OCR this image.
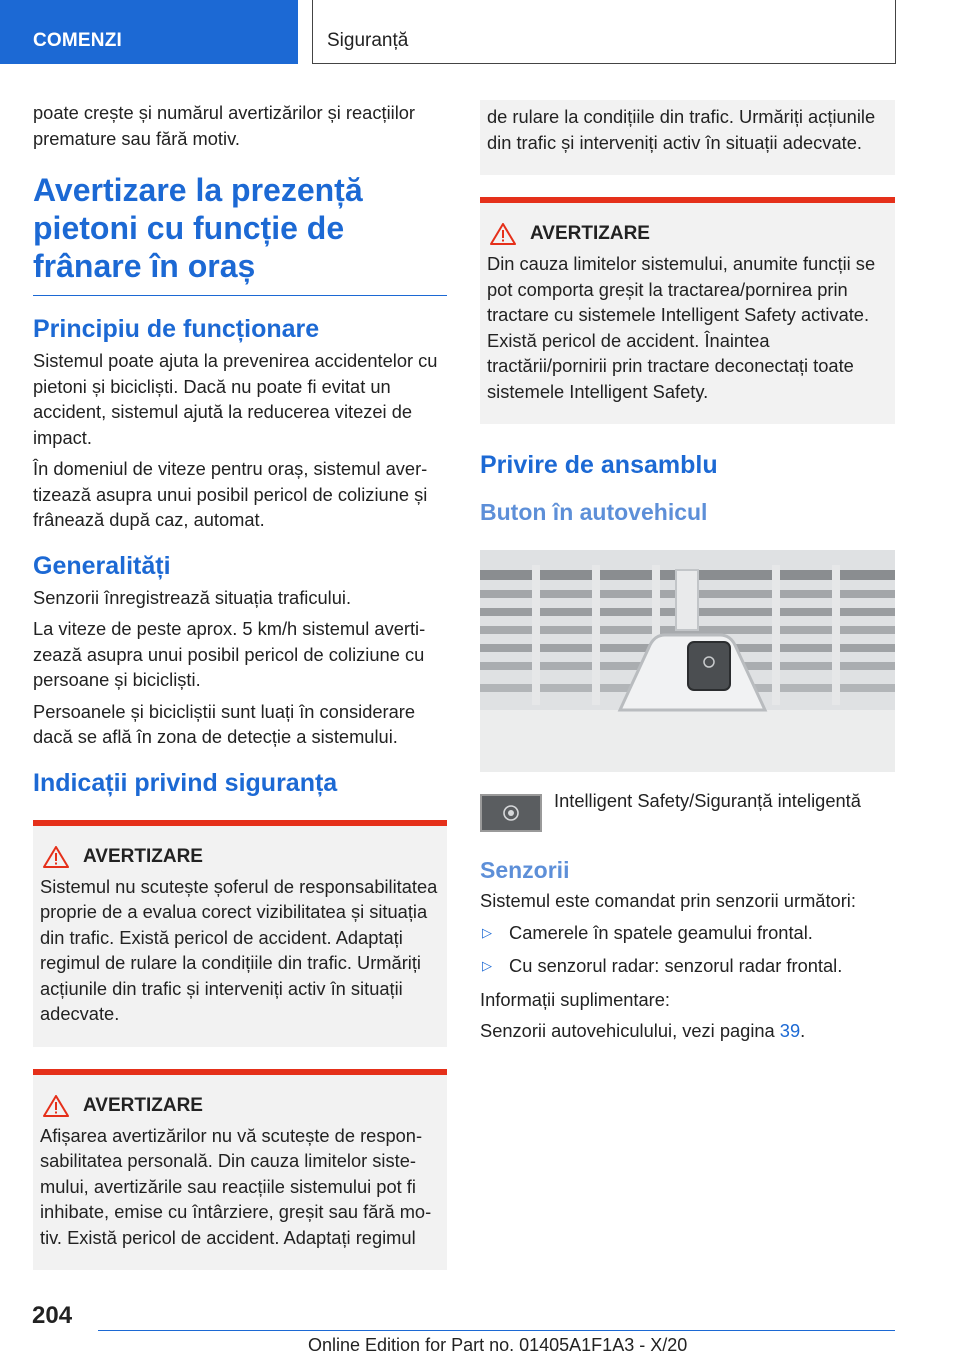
COMENZI	Siguranță

poate crește și numărul avertizărilor și reacțiilor premature sau fără motiv.

Avertizare la prezență pietoni cu funcție de frânare în oraș
Principiu de funcționare

Sistemul poate ajuta la prevenirea accidentelor cu pietoni și bicicliști. Dacă nu poate fi evitat un accident, sistemul ajută la reducerea vitezei de impact.

În domeniul de viteze pentru oraș, sistemul avertizează asupra unui posibil pericol de coliziune și frânează după caz, automat.

Generalități

Senzorii înregistrează situația traficului.

La viteze de peste aprox. 5 km/h sistemul avertizează asupra unui posibil pericol de coliziune cu persoane și bicicliști.

Persoanele și bicicliștii sunt luați în considerare dacă se află în zona de detecție a sistemului.

Indicații privind siguranța
AVERTIZARE

Sistemul nu scutește șoferul de responsabilitatea proprie de a evalua corect vizibilitatea și situația din trafic. Există pericol de accident. Adaptați regimul de rulare la condițiile din trafic. Urmăriți acțiunile din trafic și interveniți activ în situații adecvate.

AVERTIZARE

Afișarea avertizărilor nu vă scutește de responsabilitatea personală. Din cauza limitelor sistemului, avertizările sau reacțiile sistemului pot fi inhibate, emise cu întârziere, greșit sau fără motiv. Există pericol de accident. Adaptați regimul

de rulare la condițiile din trafic. Urmăriți acțiunile din trafic și interveniți activ în situații adecvate.

AVERTIZARE

Din cauza limitelor sistemului, anumite funcții se pot comporta greșit la tractarea/pornirea prin tractare cu sistemele Intelligent Safety activate. Există pericol de accident. Înaintea tractării/pornirii prin tractare deconectați toate sistemele Intelligent Safety.

Privire de ansamblu
Buton în autovehicul

Intelligent Safety/Siguranță inteligentă

Senzorii

Sistemul este comandat prin senzorii următori:

▷ Camerele în spatele geamului frontal.
▷ Cu senzorul radar: senzorul radar frontal.

Informații suplimentare:

Senzorii autovehiculului, vezi pagina 39.

204
Online Edition for Part no. 01405A1F1A3 - X/20
